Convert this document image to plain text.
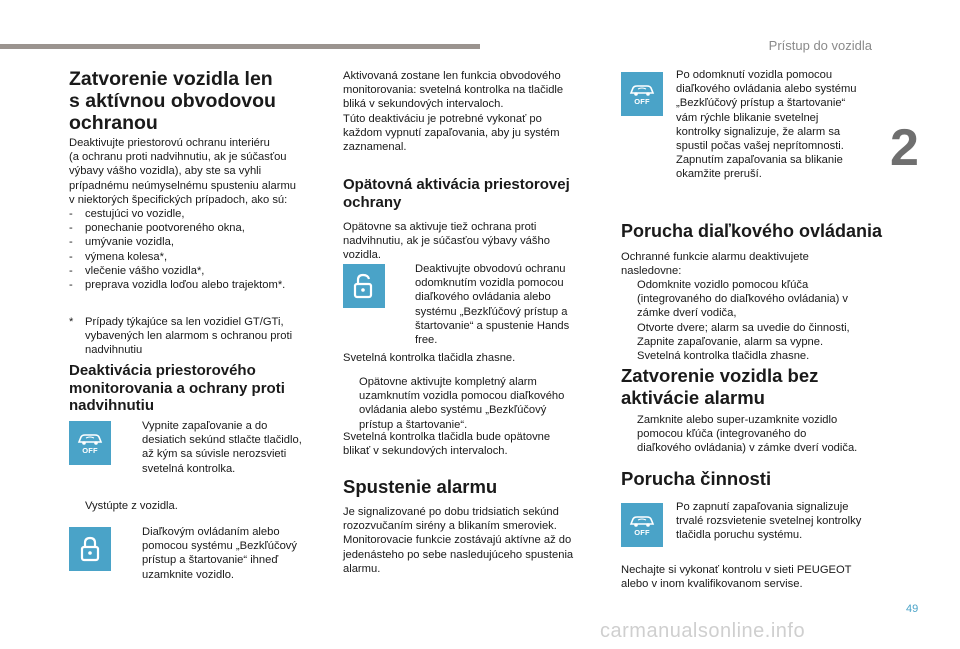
Prístup do vozidla
2
49
carmanualsonline.info
Zatvorenie vozidla len
s aktívnou obvodovou
ochranou
Deaktivujte priestorovú ochranu interiéru
(a ochranu proti nadvihnutiu, ak je súčasťou
výbavy vášho vozidla), aby ste sa vyhli
prípadnému neúmyselnému spusteniu alarmu
v niektorých špecifických prípadoch, ako sú:
-	cestujúci vo vozidle,
-	ponechanie pootvoreného okna,
-	umývanie vozidla,
-	výmena kolesa*,
-	vlečenie vášho vozidla*,
-	preprava vozidla loďou alebo trajektom*.
*	Prípady týkajúce sa len vozidiel GT/GTi,
vybavených len alarmom s ochranou proti
nadvihnutiu
Deaktivácia priestorového
monitorovania a ochrany proti
nadvihnutiu
OFF
Vypnite zapaľovanie a do
desiatich sekúnd stlačte tlačidlo,
až kým sa súvisle nerozsvieti
svetelná kontrolka.
Vystúpte z vozidla.
Diaľkovým ovládaním alebo
pomocou systému „Bezkľúčový
prístup a štartovanie“ ihneď
uzamknite vozidlo.
Aktivovaná zostane len funkcia obvodového
monitorovania: svetelná kontrolka na tlačidle
bliká v sekundových intervaloch.
Túto deaktiváciu je potrebné vykonať po
každom vypnutí zapaľovania, aby ju systém
zaznamenal.
Opätovná aktivácia priestorovej
ochrany
Opätovne sa aktivuje tiež ochrana proti
nadvihnutiu, ak je súčasťou výbavy vášho
vozidla.
Deaktivujte obvodovú ochranu
odomknutím vozidla pomocou
diaľkového ovládania alebo
systému „Bezkľúčový prístup a
štartovanie“ a spustenie Hands
free.
Svetelná kontrolka tlačidla zhasne.
Opätovne aktivujte kompletný alarm
uzamknutím vozidla pomocou diaľkového
ovládania alebo systému „Bezkľúčový
prístup a štartovanie“.
Svetelná kontrolka tlačidla bude opätovne
blikať v sekundových intervaloch.
Spustenie alarmu
Je signalizované po dobu tridsiatich sekúnd
rozozvučaním sirény a blikaním smeroviek.
Monitorovacie funkcie zostávajú aktívne až do
jedenásteho po sebe nasledujúceho spustenia
alarmu.
OFF
Po odomknutí vozidla pomocou
diaľkového ovládania alebo systému
„Bezkľúčový prístup a štartovanie“
vám rýchle blikanie svetelnej
kontrolky signalizuje, že alarm sa
spustil počas vašej neprítomnosti.
Zapnutím zapaľovania sa blikanie
okamžite preruší.
Porucha diaľkového ovládania
Ochranné funkcie alarmu deaktivujete
nasledovne:
Odomknite vozidlo pomocou kľúča
(integrovaného do diaľkového ovládania) v
zámke dverí vodiča,
Otvorte dvere; alarm sa uvedie do činnosti,
Zapnite zapaľovanie, alarm sa vypne.
Svetelná kontrolka tlačidla zhasne.
Zatvorenie vozidla bez
aktivácie alarmu
Zamknite alebo super-uzamknite vozidlo
pomocou kľúča (integrovaného do
diaľkového ovládania) v zámke dverí vodiča.
Porucha činnosti
OFF
Po zapnutí zapaľovania signalizuje
trvalé rozsvietenie svetelnej kontrolky
tlačidla poruchu systému.
Nechajte si vykonať kontrolu v sieti PEUGEOT
alebo v inom kvalifikovanom servise.
